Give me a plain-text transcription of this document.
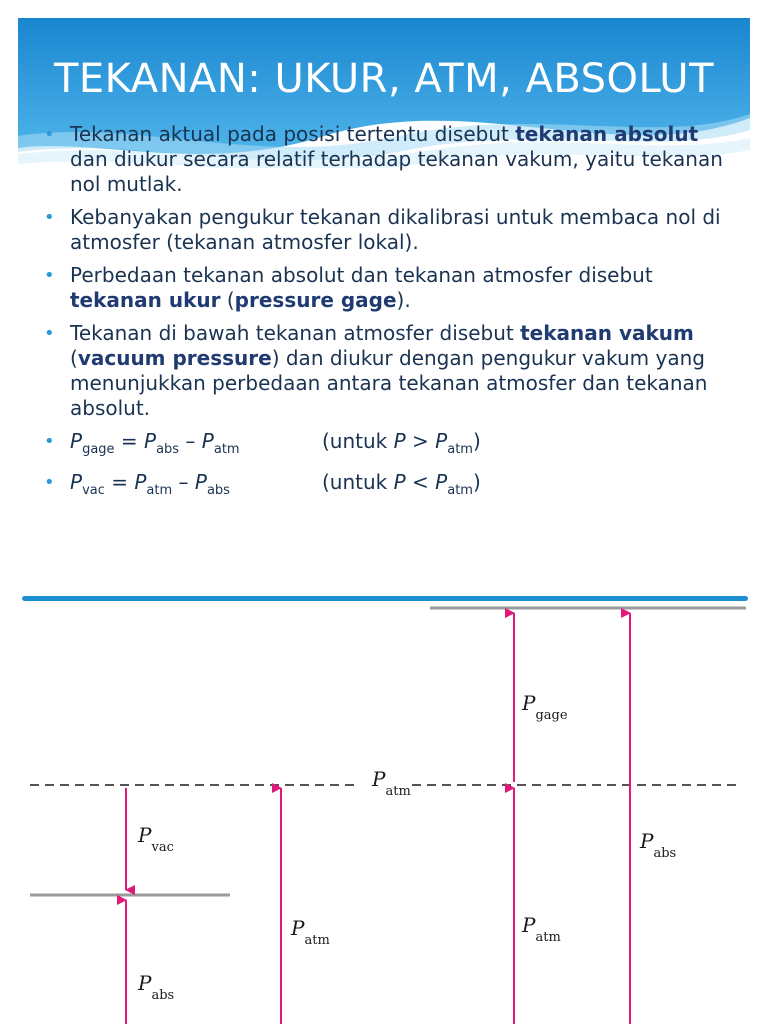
TEKANAN: UKUR, ATM, ABSOLUT
• Tekanan aktual pada posisi tertentu disebut tekanan absolut dan diukur secara relatif terhadap tekanan vakum, yaitu tekanan nol mutlak.
• Kebanyakan pengukur tekanan dikalibrasi untuk membaca nol di atmosfer (tekanan atmosfer lokal).
• Perbedaan tekanan absolut dan tekanan atmosfer disebut tekanan ukur (pressure gage).
• Tekanan di bawah tekanan atmosfer disebut tekanan vakum (vacuum pressure) dan diukur dengan pengukur vakum yang menunjukkan perbedaan antara tekanan atmosfer dan tekanan absolut.
• $P_{gage} = P_{abs} - P_{atm}$	(untuk $P > P_{atm}$)
• $P_{vac} = P_{atm} - P_{abs}$	(untuk $P < P_{atm}$)
$P_{atm}$
$P_{vac}$
$P_{abs}$
$P_{atm}$
$P_{gage}$
$P_{atm}$
$P_{abs}$
